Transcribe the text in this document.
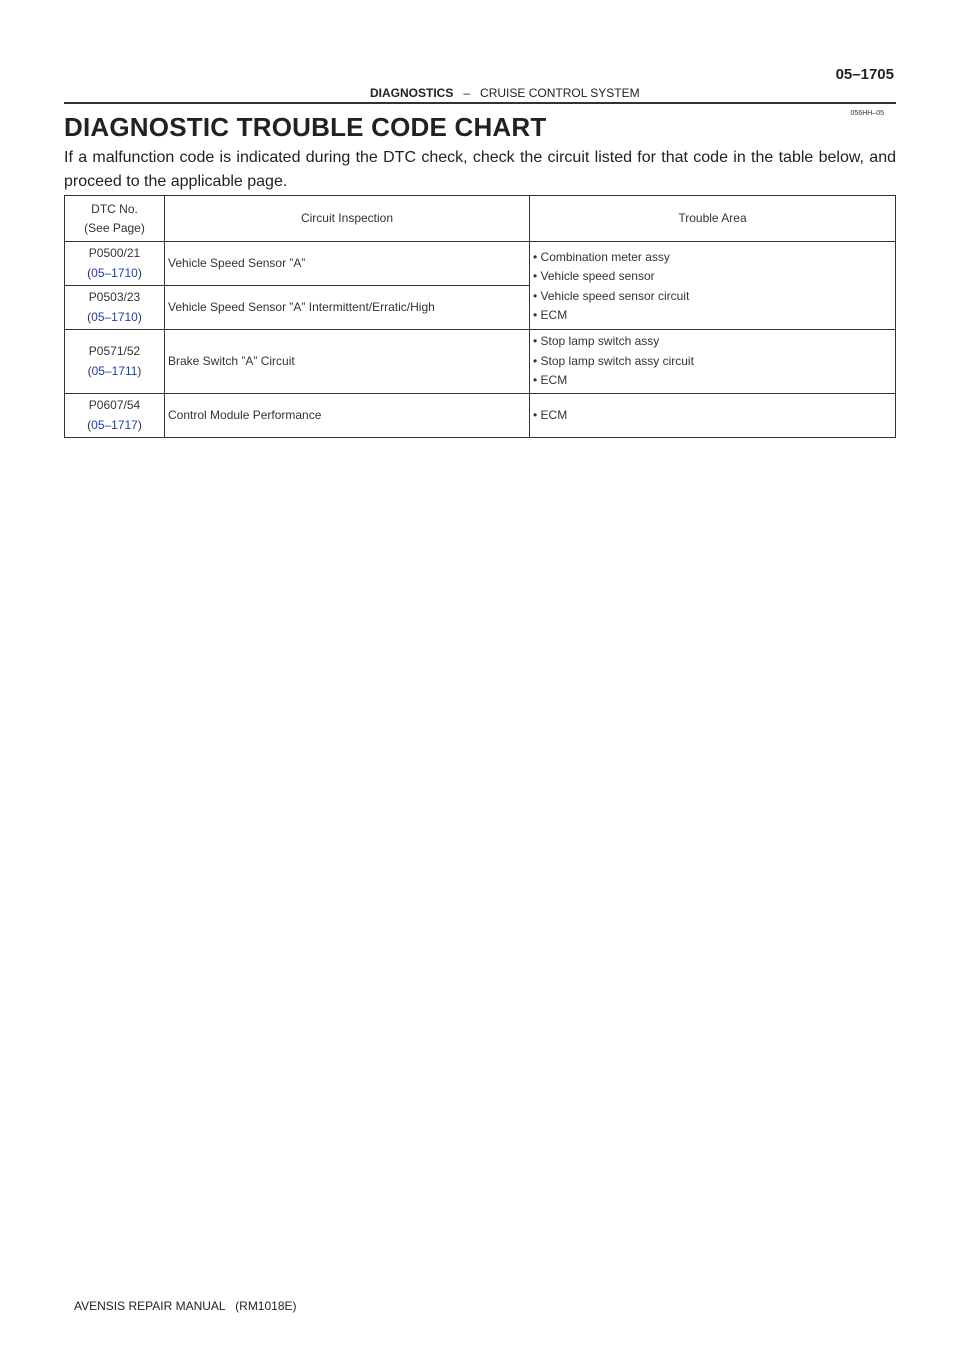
DIAGNOSTICS – CRUISE CONTROL SYSTEM
05–1705
056HH–05
DIAGNOSTIC TROUBLE CODE CHART

If a malfunction code is indicated during the DTC check, check the circuit listed for that code in the table below, and proceed to the applicable page.

DTC No.
(See Page)	Circuit Inspection	Trouble Area

P0500/21
(05–1710)	Vehicle Speed Sensor ”A”	• Combination meter assy
• Vehicle speed sensor
• Vehicle speed sensor circuit
• ECM

P0503/23
(05–1710)	Vehicle Speed Sensor ”A” Intermittent/Erratic/High	

P0571/52
(05–1711)	Brake Switch ”A” Circuit	• Stop lamp switch assy
• Stop lamp switch assy circuit
• ECM

P0607/54
(05–1717)	Control Module Performance	• ECM
AVENSIS REPAIR MANUAL   (RM1018E)
